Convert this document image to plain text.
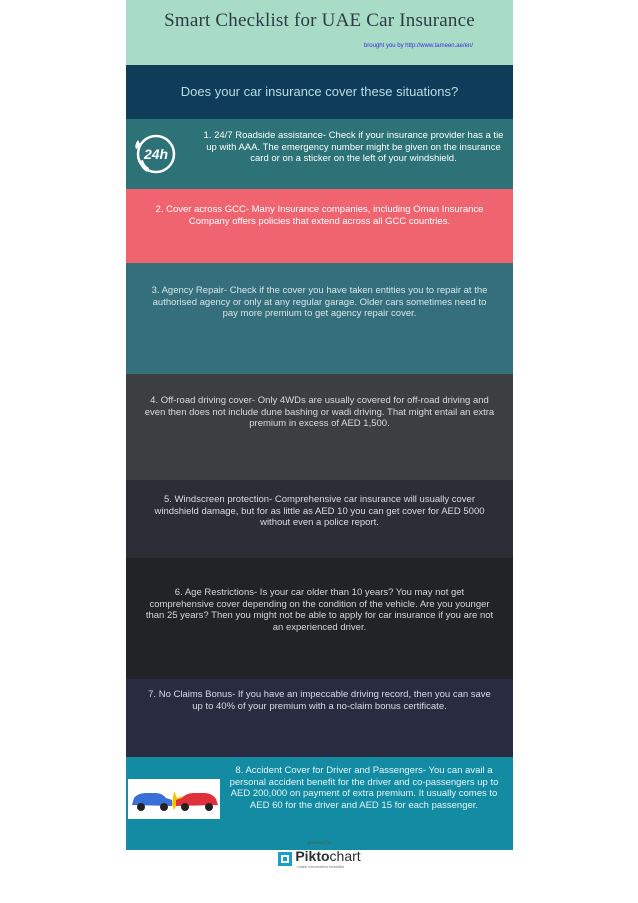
Smart Checklist for UAE Car Insurance
brought you by http://www.tameen.ae/en/
Does your car insurance cover these situations?
24h
1. 24/7 Roadside assistance- Check if your insurance provider has a tie up with AAA. The emergency number might be given on the insurance card or on a sticker on the left of your windshield.
2. Cover across GCC- Many Insurance companies, including Oman Insurance Company offers policies that extend across all GCC countries.
3. Agency Repair- Check if the cover you have taken entities you to repair at the authorised agency or only at any regular garage. Older cars sometimes need to pay more premium to get agency repair cover.
4. Off-road driving cover- Only 4WDs are usually covered for off-road driving and even then does not include dune bashing or wadi driving. That might entail an extra premium in excess of AED 1,500.
5. Windscreen protection- Comprehensive car insurance will usually cover windshield damage, but for as little as AED 10 you can get cover for AED 5000 without even a police report.
6. Age Restrictions- Is your car older than 10 years? You may not get comprehensive cover depending on the condition of the vehicle. Are you younger than 25 years? Then you might not be able to apply for car insurance if you are not an experienced driver.
7. No Claims Bonus- If you have an impeccable driving record, then you can save up to 40% of your premium with a no-claim bonus certificate.
8. Accident Cover for Driver and Passengers- You can avail a personal accident benefit for the driver and co-passengers up to AED 200,000 on payment of extra premium. It usually comes to AED 60 for the driver and AED 15 for each passenger.
powered by
Piktochart
make information beautiful
